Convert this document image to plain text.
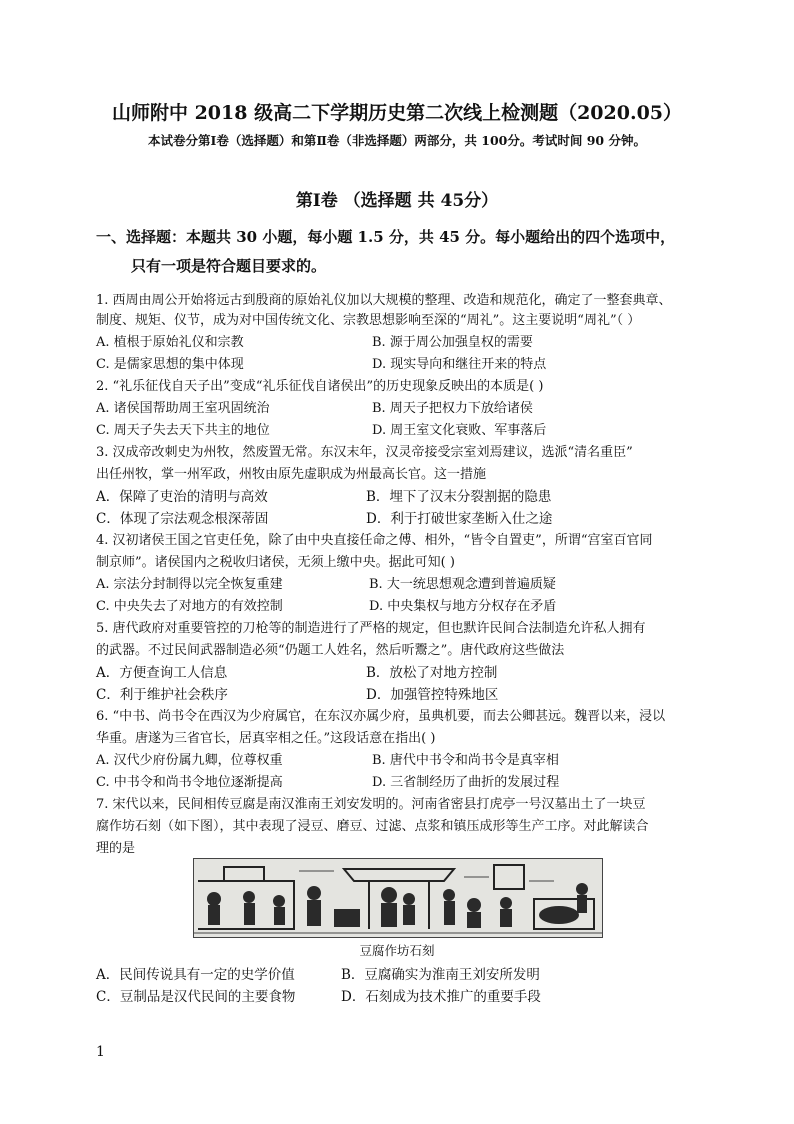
山师附中 2018 级高二下学期历史第二次线上检测题（2020.05）
本试卷分第Ⅰ卷（选择题）和第Ⅱ卷（非选择题）两部分，共 100分。考试时间 90 分钟。
第Ⅰ卷 （选择题 共 45分）
一、选择题：本题共 30 小题，每小题 1.5 分，共 45 分。每小题给出的四个选项中，
只有一项是符合题目要求的。
1. 西周由周公开始将远古到殷商的原始礼仪加以大规模的整理、改造和规范化，确定了一整套典章、
制度、规矩、仪节，成为对中国传统文化、宗教思想影响至深的“周礼”。这主要说明“周礼”（ ）
A. 植根于原始礼仪和宗教	B. 源于周公加强皇权的需要
C. 是儒家思想的集中体现	D. 现实导向和继往开来的特点
2. “礼乐征伐自天子出”变成“礼乐征伐自诸侯出”的历史现象反映出的本质是( )
A. 诸侯国帮助周王室巩固统治	B. 周天子把权力下放给诸侯
C. 周天子失去天下共主的地位	D. 周王室文化衰败、军事落后
3. 汉成帝改刺史为州牧，然废置无常。东汉末年，汉灵帝接受宗室刘焉建议，选派“清名重臣”
出任州牧，掌一州军政，州牧由原先虚职成为州最高长官。这一措施
A．保障了吏治的清明与高效	B．埋下了汉末分裂割据的隐患
C．体现了宗法观念根深蒂固	D．利于打破世家垄断入仕之途
4. 汉初诸侯王国之官吏任免，除了由中央直接任命之傅、相外，“皆令自置吏”，所谓“宫室百官同
制京师”。诸侯国内之税收归诸侯，无须上缴中央。据此可知( )
A. 宗法分封制得以完全恢复重建	B. 大一统思想观念遭到普遍质疑
C. 中央失去了对地方的有效控制	D. 中央集权与地方分权存在矛盾
5. 唐代政府对重要管控的刀枪等的制造进行了严格的规定，但也默许民间合法制造允许私人拥有
的武器。不过民间武器制造必须“仍题工人姓名，然后听鬻之”。唐代政府这些做法
A．方便查询工人信息	B．放松了对地方控制
C．利于维护社会秩序	D．加强管控特殊地区
6. “中书、尚书令在西汉为少府属官，在东汉亦属少府，虽典机要，而去公卿甚远。魏晋以来，浸以
华重。唐遂为三省官长，居真宰相之任。”这段话意在指出( )
A. 汉代少府份属九卿，位尊权重	B. 唐代中书令和尚书令是真宰相
C. 中书令和尚书令地位逐渐提高	D. 三省制经历了曲折的发展过程
7. 宋代以来，民间相传豆腐是南汉淮南王刘安发明的。河南省密县打虎亭一号汉墓出土了一块豆
腐作坊石刻（如下图），其中表现了浸豆、磨豆、过滤、点浆和镇压成形等生产工序。对此解读合
理的是
豆腐作坊石刻
A．民间传说具有一定的史学价值	B．豆腐确实为淮南王刘安所发明
C．豆制品是汉代民间的主要食物	D．石刻成为技术推广的重要手段
1
